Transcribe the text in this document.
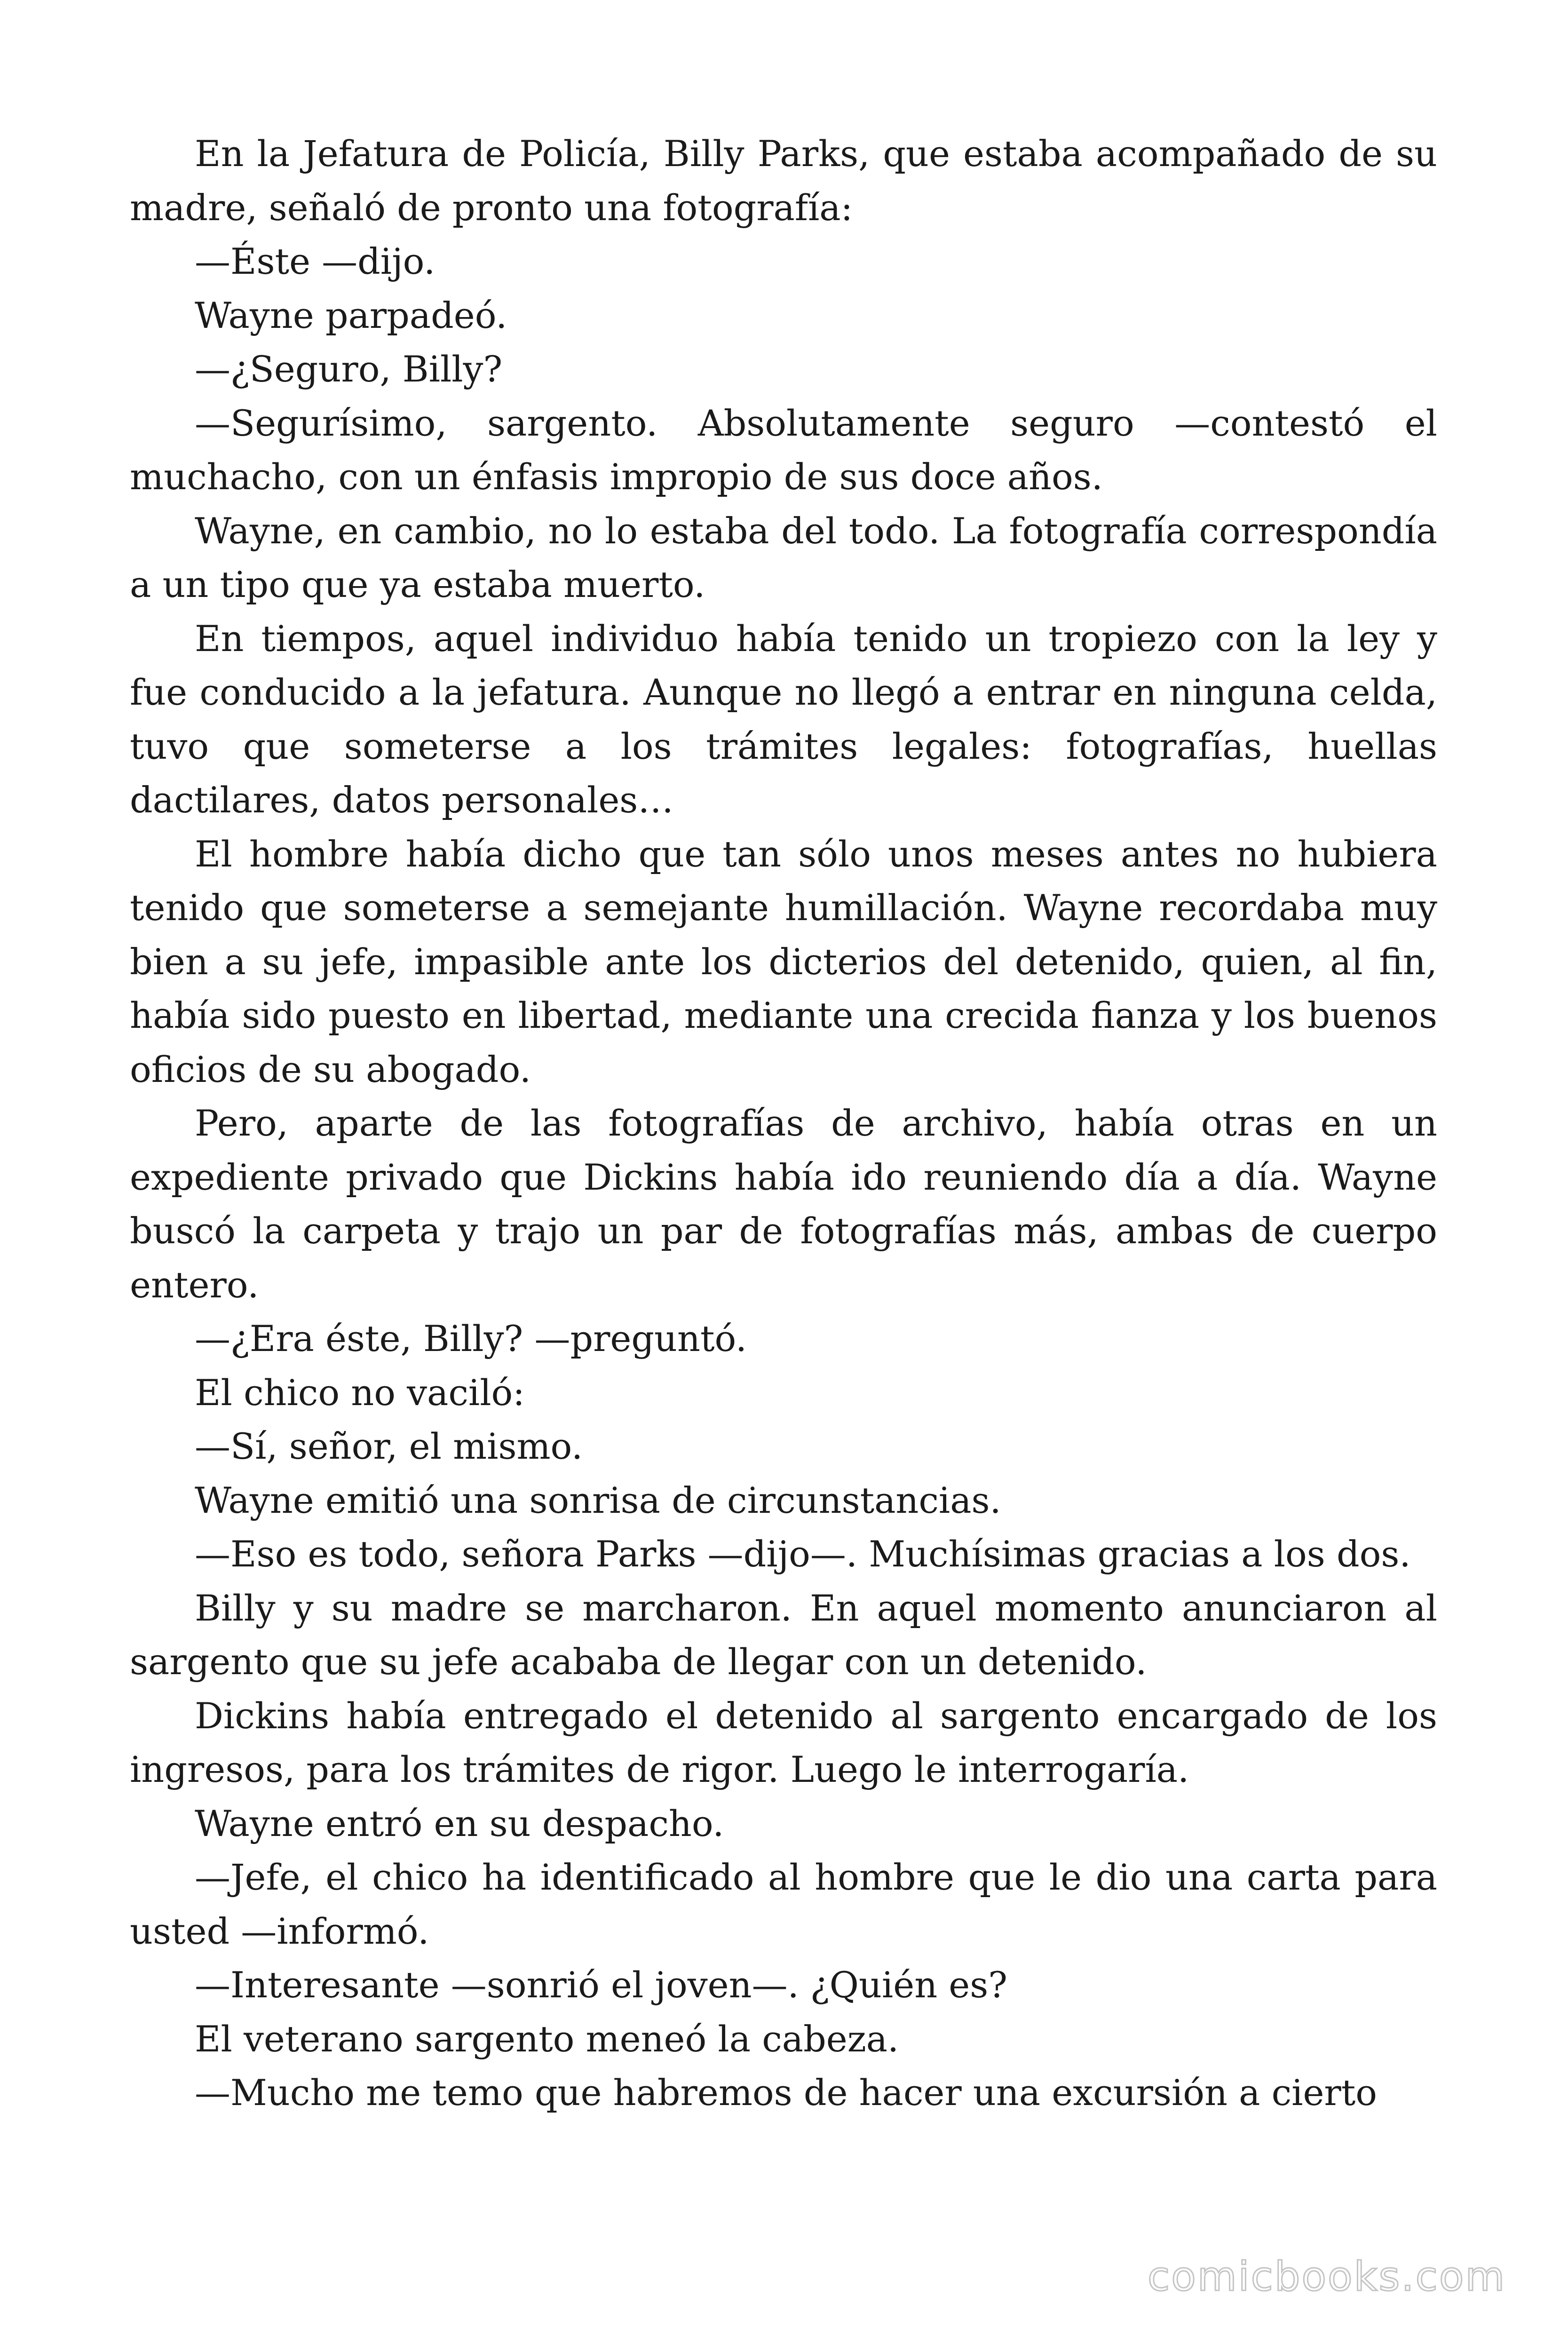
En la Jefatura de Policía, Billy Parks, que estaba acompañado de su madre, señaló de pronto una fotografía:

—Éste —dijo.

Wayne parpadeó.

—¿Seguro, Billy?

—Segurísimo, sargento. Absolutamente seguro —contestó el muchacho, con un énfasis impropio de sus doce años.

Wayne, en cambio, no lo estaba del todo. La fotografía correspondía a un tipo que ya estaba muerto.

En tiempos, aquel individuo había tenido un tropiezo con la ley y fue conducido a la jefatura. Aunque no llegó a entrar en ninguna celda, tuvo que someterse a los trámites legales: fotografías, huellas dactilares, datos personales…

El hombre había dicho que tan sólo unos meses antes no hubiera tenido que someterse a semejante humillación. Wayne recordaba muy bien a su jefe, impasible ante los dicterios del detenido, quien, al fin, había sido puesto en libertad, mediante una crecida fianza y los buenos oficios de su abogado.

Pero, aparte de las fotografías de archivo, había otras en un expediente privado que Dickins había ido reuniendo día a día. Wayne buscó la carpeta y trajo un par de fotografías más, ambas de cuerpo entero.

—¿Era éste, Billy? —preguntó.

El chico no vaciló:

—Sí, señor, el mismo.

Wayne emitió una sonrisa de circunstancias.

—Eso es todo, señora Parks —dijo—. Muchísimas gracias a los dos.

Billy y su madre se marcharon. En aquel momento anunciaron al sargento que su jefe acababa de llegar con un detenido.

Dickins había entregado el detenido al sargento encargado de los ingresos, para los trámites de rigor. Luego le interrogaría.

Wayne entró en su despacho.

—Jefe, el chico ha identificado al hombre que le dio una carta para usted —informó.

—Interesante —sonrió el joven—. ¿Quién es?

El veterano sargento meneó la cabeza.

—Mucho me temo que habremos de hacer una excursión a cierto

comicbooks.com
